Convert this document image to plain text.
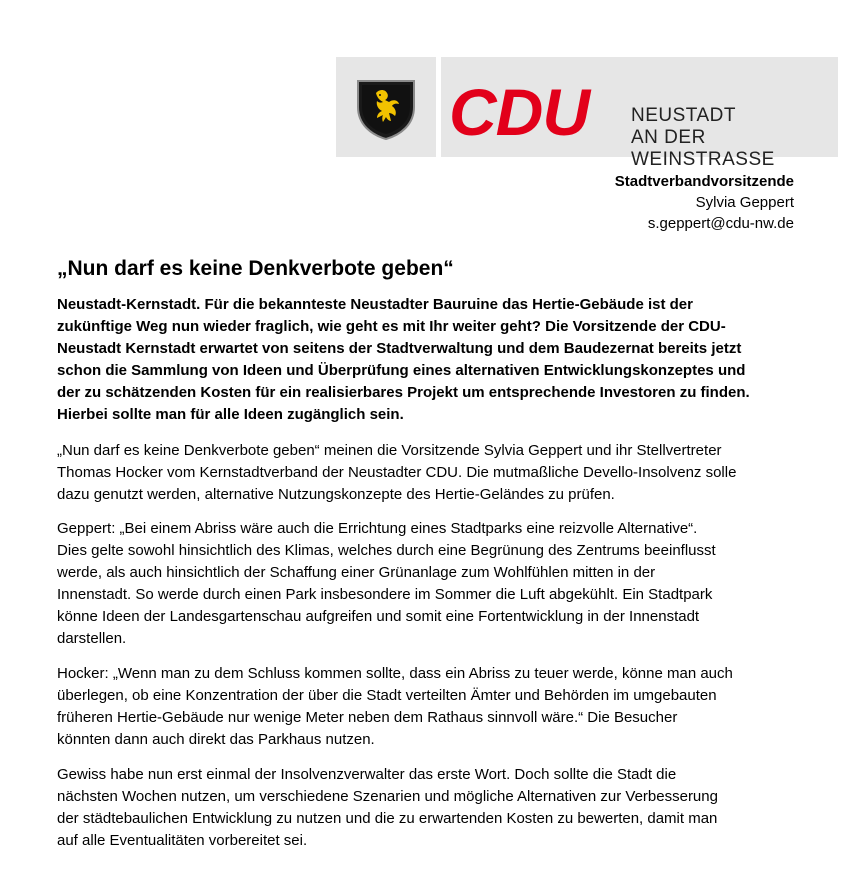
CDU NEUSTADT
AN DER WEINSTRASSE
Stadtverbandvorsitzende
Sylvia Geppert
s.geppert@cdu-nw.de
„Nun darf es keine Denkverbote geben“
Neustadt-Kernstadt. Für die bekannteste Neustadter Bauruine das Hertie-Gebäude ist der
zukünftige Weg nun wieder fraglich, wie geht es mit Ihr weiter geht? Die Vorsitzende der CDU-
Neustadt Kernstadt erwartet von seitens der Stadtverwaltung und dem Baudezernat bereits jetzt
schon die Sammlung von Ideen und Überprüfung eines alternativen Entwicklungskonzeptes und
der zu schätzenden Kosten für ein realisierbares Projekt um entsprechende Investoren zu finden.
Hierbei sollte man für alle Ideen zugänglich sein.
„Nun darf es keine Denkverbote geben“ meinen die Vorsitzende Sylvia Geppert und ihr Stellvertreter
Thomas Hocker vom Kernstadtverband der Neustadter CDU. Die mutmaßliche Devello-Insolvenz solle
dazu genutzt werden, alternative Nutzungskonzepte des Hertie-Geländes zu prüfen.
Geppert: „Bei einem Abriss wäre auch die Errichtung eines Stadtparks eine reizvolle Alternative“.
Dies gelte sowohl hinsichtlich des Klimas, welches durch eine Begrünung des Zentrums beeinflusst
werde, als auch hinsichtlich der Schaffung einer Grünanlage zum Wohlfühlen mitten in der
Innenstadt. So werde durch einen Park insbesondere im Sommer die Luft abgekühlt. Ein Stadtpark
könne Ideen der Landesgartenschau aufgreifen und somit eine Fortentwicklung in der Innenstadt
darstellen.
Hocker: „Wenn man zu dem Schluss kommen sollte, dass ein Abriss zu teuer werde, könne man auch
überlegen, ob eine Konzentration der über die Stadt verteilten Ämter und Behörden im umgebauten
früheren Hertie-Gebäude nur wenige Meter neben dem Rathaus sinnvoll wäre.“ Die Besucher
könnten dann auch direkt das Parkhaus nutzen.
Gewiss habe nun erst einmal der Insolvenzverwalter das erste Wort. Doch sollte die Stadt die
nächsten Wochen nutzen, um verschiedene Szenarien und mögliche Alternativen zur Verbesserung
der städtebaulichen Entwicklung zu nutzen und die zu erwartenden Kosten zu bewerten, damit man
auf alle Eventualitäten vorbereitet sei.
